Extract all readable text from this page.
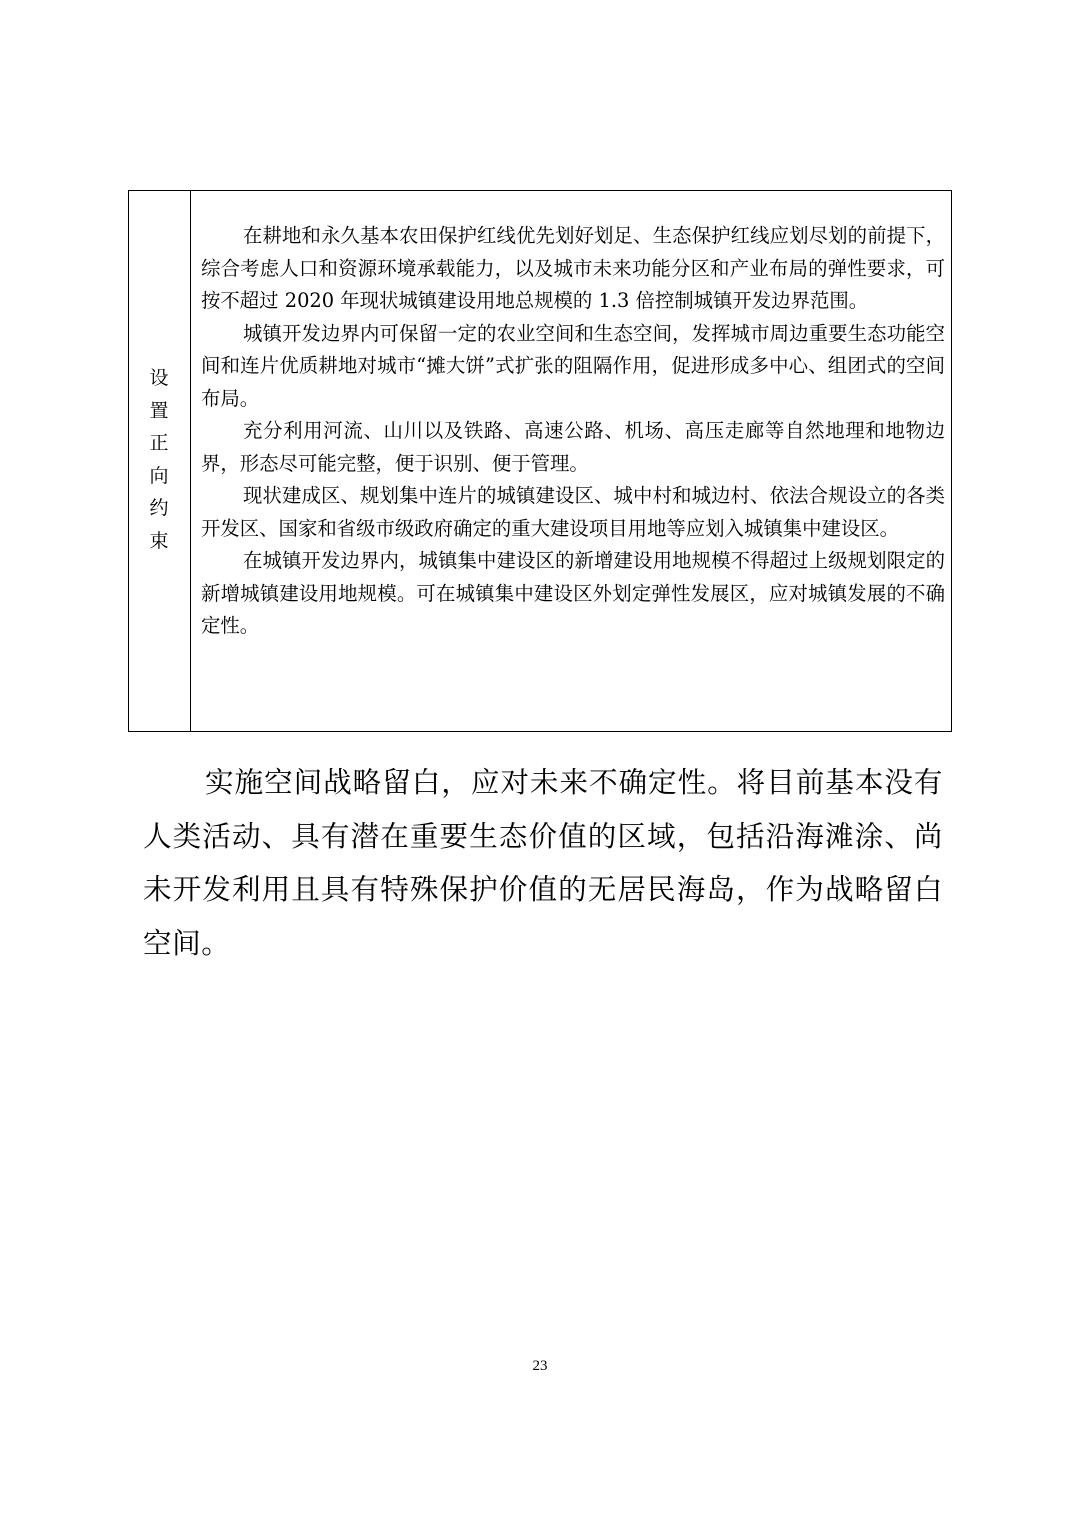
设
置
正
向
约
束

在耕地和永久基本农田保护红线优先划好划足、生态保护红线应划尽划的前提下，综合考虑人口和资源环境承载能力，以及城市未来功能分区和产业布局的弹性要求，可按不超过 2020 年现状城镇建设用地总规模的 1.3 倍控制城镇开发边界范围。

城镇开发边界内可保留一定的农业空间和生态空间，发挥城市周边重要生态功能空间和连片优质耕地对城市“摊大饼”式扩张的阻隔作用，促进形成多中心、组团式的空间布局。

充分利用河流、山川以及铁路、高速公路、机场、高压走廊等自然地理和地物边界，形态尽可能完整，便于识别、便于管理。

现状建成区、规划集中连片的城镇建设区、城中村和城边村、依法合规设立的各类开发区、国家和省级市级政府确定的重大建设项目用地等应划入城镇集中建设区。

在城镇开发边界内，城镇集中建设区的新增建设用地规模不得超过上级规划限定的新增城镇建设用地规模。可在城镇集中建设区外划定弹性发展区，应对城镇发展的不确定性。

实施空间战略留白，应对未来不确定性。将目前基本没有人类活动、具有潜在重要生态价值的区域，包括沿海滩涂、尚未开发利用且具有特殊保护价值的无居民海岛，作为战略留白空间。

23
